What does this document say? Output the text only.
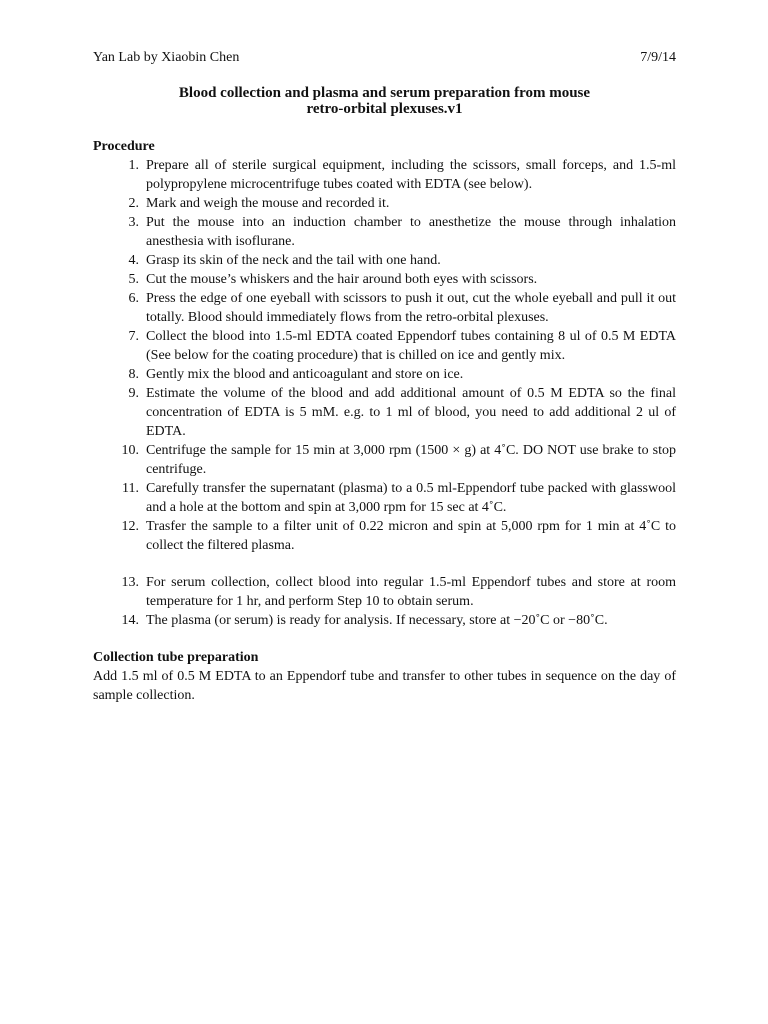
Yan Lab by Xiaobin Chen	7/9/14
Blood collection and plasma and serum preparation from mouse
retro-orbital plexuses.v1
Procedure
1. Prepare all of sterile surgical equipment, including the scissors, small forceps, and 1.5-ml polypropylene microcentrifuge tubes coated with EDTA (see below).
2. Mark and weigh the mouse and recorded it.
3. Put the mouse into an induction chamber to anesthetize the mouse through inhalation anesthesia with isoflurane.
4. Grasp its skin of the neck and the tail with one hand.
5. Cut the mouse’s whiskers and the hair around both eyes with scissors.
6. Press the edge of one eyeball with scissors to push it out, cut the whole eyeball and pull it out totally. Blood should immediately flows from the retro-orbital plexuses.
7. Collect the blood into 1.5-ml EDTA coated Eppendorf tubes containing 8 ul of 0.5 M EDTA (See below for the coating procedure) that is chilled on ice and gently mix.
8. Gently mix the blood and anticoagulant and store on ice.
9. Estimate the volume of the blood and add additional amount of 0.5 M EDTA so the final concentration of EDTA is 5 mM. e.g. to 1 ml of blood, you need to add additional 2 ul of EDTA.
10. Centrifuge the sample for 15 min at 3,000 rpm (1500 × g) at 4˚C. DO NOT use brake to stop centrifuge.
11. Carefully transfer the supernatant (plasma) to a 0.5 ml-Eppendorf tube packed with glasswool and a hole at the bottom and spin at 3,000 rpm for 15 sec at 4˚C.
12. Trasfer the sample to a filter unit of 0.22 micron and spin at 5,000 rpm for 1 min at 4˚C to collect the filtered plasma.
13. For serum collection, collect blood into regular 1.5-ml Eppendorf tubes and store at room temperature for 1 hr, and perform Step 10 to obtain serum.
14. The plasma (or serum) is ready for analysis. If necessary, store at −20˚C or −80˚C.
Collection tube preparation

Add 1.5 ml of 0.5 M EDTA to an Eppendorf tube and transfer to other tubes in sequence on the day of sample collection.
